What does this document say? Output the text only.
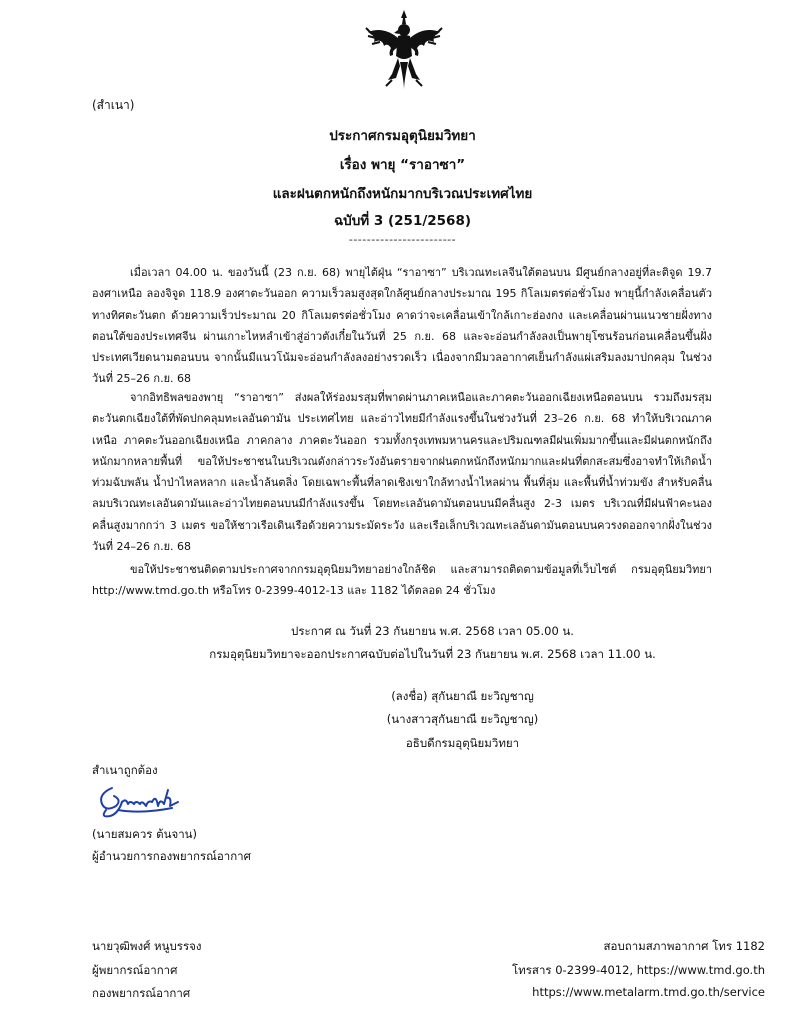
(สำเนา)
ประกาศกรมอุตุนิยมวิทยา
เรื่อง พายุ “ราอาซา”
และฝนตกหนักถึงหนักมากบริเวณประเทศไทย
ฉบับที่ 3 (251/2568)
------------------------

เมื่อเวลา 04.00 น. ของวันนี้ (23 ก.ย. 68) พายุไต้ฝุ่น “ราอาซา” บริเวณทะเลจีนใต้ตอนบน มีศูนย์กลางอยู่ที่ละติจูด 19.7 องศาเหนือ ลองจิจูด 118.9 องศาตะวันออก ความเร็วลมสูงสุดใกล้ศูนย์กลางประมาณ 195 กิโลเมตรต่อชั่วโมง พายุนี้กำลังเคลื่อนตัวทางทิศตะวันตก ด้วยความเร็วประมาณ 20 กิโลเมตรต่อชั่วโมง คาดว่าจะเคลื่อนเข้าใกล้เกาะฮ่องกง และเคลื่อนผ่านแนวชายฝั่งทางตอนใต้ของประเทศจีน ผ่านเกาะไหหลำเข้าสู่อ่าวตังเกี๋ยในวันที่ 25 ก.ย. 68 และจะอ่อนกำลังลงเป็นพายุโซนร้อนก่อนเคลื่อนขึ้นฝั่งประเทศเวียดนามตอนบน จากนั้นมีแนวโน้มจะอ่อนกำลังลงอย่างรวดเร็ว เนื่องจากมีมวลอากาศเย็นกำลังแผ่เสริมลงมาปกคลุม ในช่วงวันที่ 25–26 ก.ย. 68

จากอิทธิพลของพายุ “ราอาซา” ส่งผลให้ร่องมรสุมที่พาดผ่านภาคเหนือและภาคตะวันออกเฉียงเหนือตอนบน รวมถึงมรสุมตะวันตกเฉียงใต้ที่พัดปกคลุมทะเลอันดามัน ประเทศไทย และอ่าวไทยมีกำลังแรงขึ้นในช่วงวันที่ 23–26 ก.ย. 68 ทำให้บริเวณภาคเหนือ ภาคตะวันออกเฉียงเหนือ ภาคกลาง ภาคตะวันออก รวมทั้งกรุงเทพมหานครและปริมณฑลมีฝนเพิ่มมากขึ้นและมีฝนตกหนักถึงหนักมากหลายพื้นที่ ขอให้ประชาชนในบริเวณดังกล่าวระวังอันตรายจากฝนตกหนักถึงหนักมากและฝนที่ตกสะสมซึ่งอาจทำให้เกิดน้ำท่วมฉับพลัน น้ำป่าไหลหลาก และน้ำล้นตลิ่ง โดยเฉพาะพื้นที่ลาดเชิงเขาใกล้ทางน้ำไหลผ่าน พื้นที่ลุ่ม และพื้นที่น้ำท่วมขัง สำหรับคลื่นลมบริเวณทะเลอันดามันและอ่าวไทยตอนบนมีกำลังแรงขึ้น โดยทะเลอันดามันตอนบนมีคลื่นสูง 2-3 เมตร บริเวณที่มีฝนฟ้าคะนองคลื่นสูงมากกว่า 3 เมตร ขอให้ชาวเรือเดินเรือด้วยความระมัดระวัง และเรือเล็กบริเวณทะเลอันดามันตอนบนควรงดออกจากฝั่งในช่วงวันที่ 24–26 ก.ย. 68

ขอให้ประชาชนติดตามประกาศจากกรมอุตุนิยมวิทยาอย่างใกล้ชิด และสามารถติดตามข้อมูลที่เว็บไซต์ กรมอุตุนิยมวิทยา http://www.tmd.go.th หรือโทร 0-2399-4012-13 และ 1182 ได้ตลอด 24 ชั่วโมง

ประกาศ ณ วันที่ 23 กันยายน พ.ศ. 2568 เวลา 05.00 น.
กรมอุตุนิยมวิทยาจะออกประกาศฉบับต่อไปในวันที่ 23 กันยายน พ.ศ. 2568 เวลา 11.00 น.
(ลงชื่อ) สุกันยาณี ยะวิญชาญ
(นางสาวสุกันยาณี ยะวิญชาญ)
อธิบดีกรมอุตุนิยมวิทยา
สำเนาถูกต้อง
(นายสมควร ต้นจาน)
ผู้อำนวยการกองพยากรณ์อากาศ
นายวุฒิพงศ์ หนูบรรจง
ผู้พยากรณ์อากาศ
กองพยากรณ์อากาศ
สอบถามสภาพอากาศ โทร 1182
โทรสาร 0-2399-4012, https://www.tmd.go.th
https://www.metalarm.tmd.go.th/service
